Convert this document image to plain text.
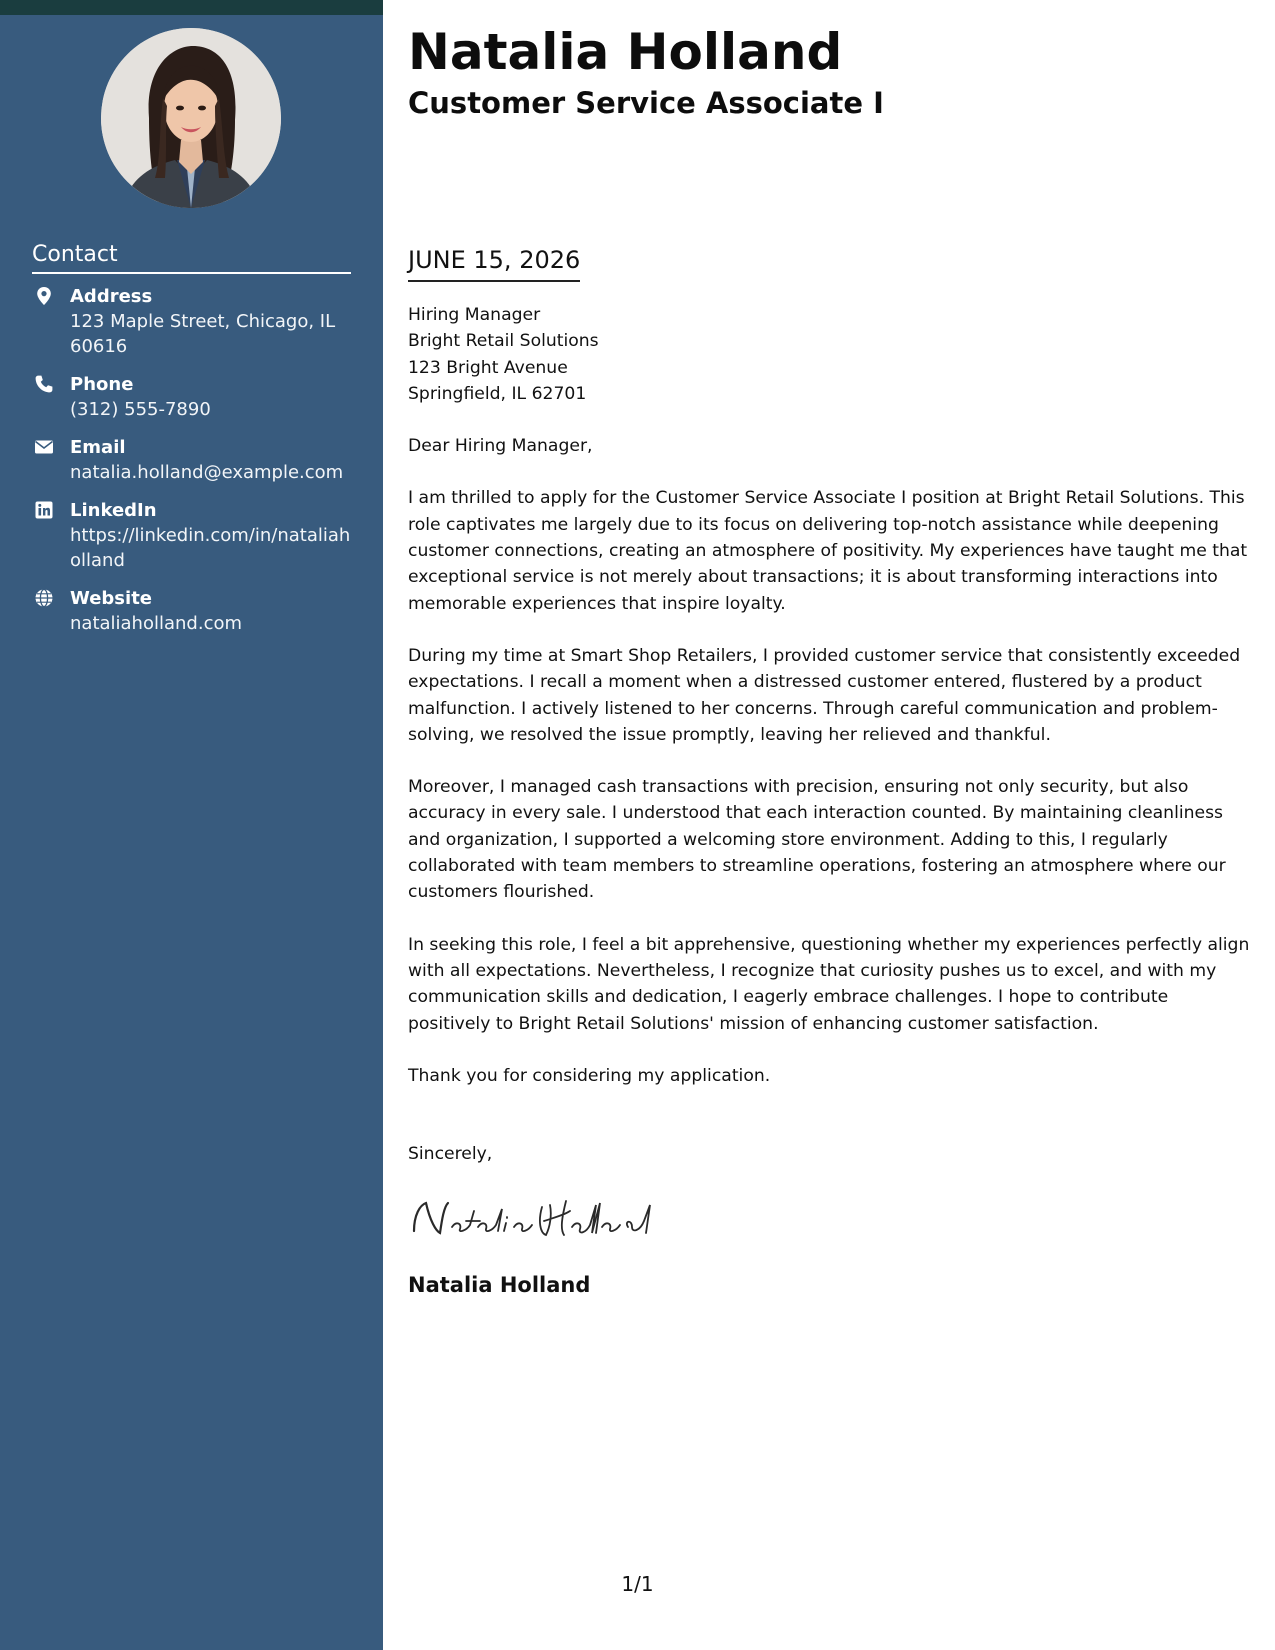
Contact
Address
123 Maple Street, Chicago, IL 60616
Phone
(312) 555-7890
Email
natalia.holland@example.com
LinkedIn
https://linkedin.com/in/nataliaholland
Website
nataliaholland.com
Natalia Holland
Customer Service Associate I
JUNE 15, 2026
Hiring Manager
Bright Retail Solutions
123 Bright Avenue
Springfield, IL 62701

Dear Hiring Manager,

I am thrilled to apply for the Customer Service Associate I position at Bright Retail Solutions. This role captivates me largely due to its focus on delivering top-notch assistance while deepening customer connections, creating an atmosphere of positivity. My experiences have taught me that exceptional service is not merely about transactions; it is about transforming interactions into memorable experiences that inspire loyalty.

During my time at Smart Shop Retailers, I provided customer service that consistently exceeded expectations. I recall a moment when a distressed customer entered, flustered by a product malfunction. I actively listened to her concerns. Through careful communication and problem-solving, we resolved the issue promptly, leaving her relieved and thankful.

Moreover, I managed cash transactions with precision, ensuring not only security, but also accuracy in every sale. I understood that each interaction counted. By maintaining cleanliness and organization, I supported a welcoming store environment. Adding to this, I regularly collaborated with team members to streamline operations, fostering an atmosphere where our customers flourished.

In seeking this role, I feel a bit apprehensive, questioning whether my experiences perfectly align with all expectations. Nevertheless, I recognize that curiosity pushes us to excel, and with my communication skills and dedication, I eagerly embrace challenges. I hope to contribute positively to Bright Retail Solutions' mission of enhancing customer satisfaction.

Thank you for considering my application.

Sincerely,

Natalia Holland
1/1
